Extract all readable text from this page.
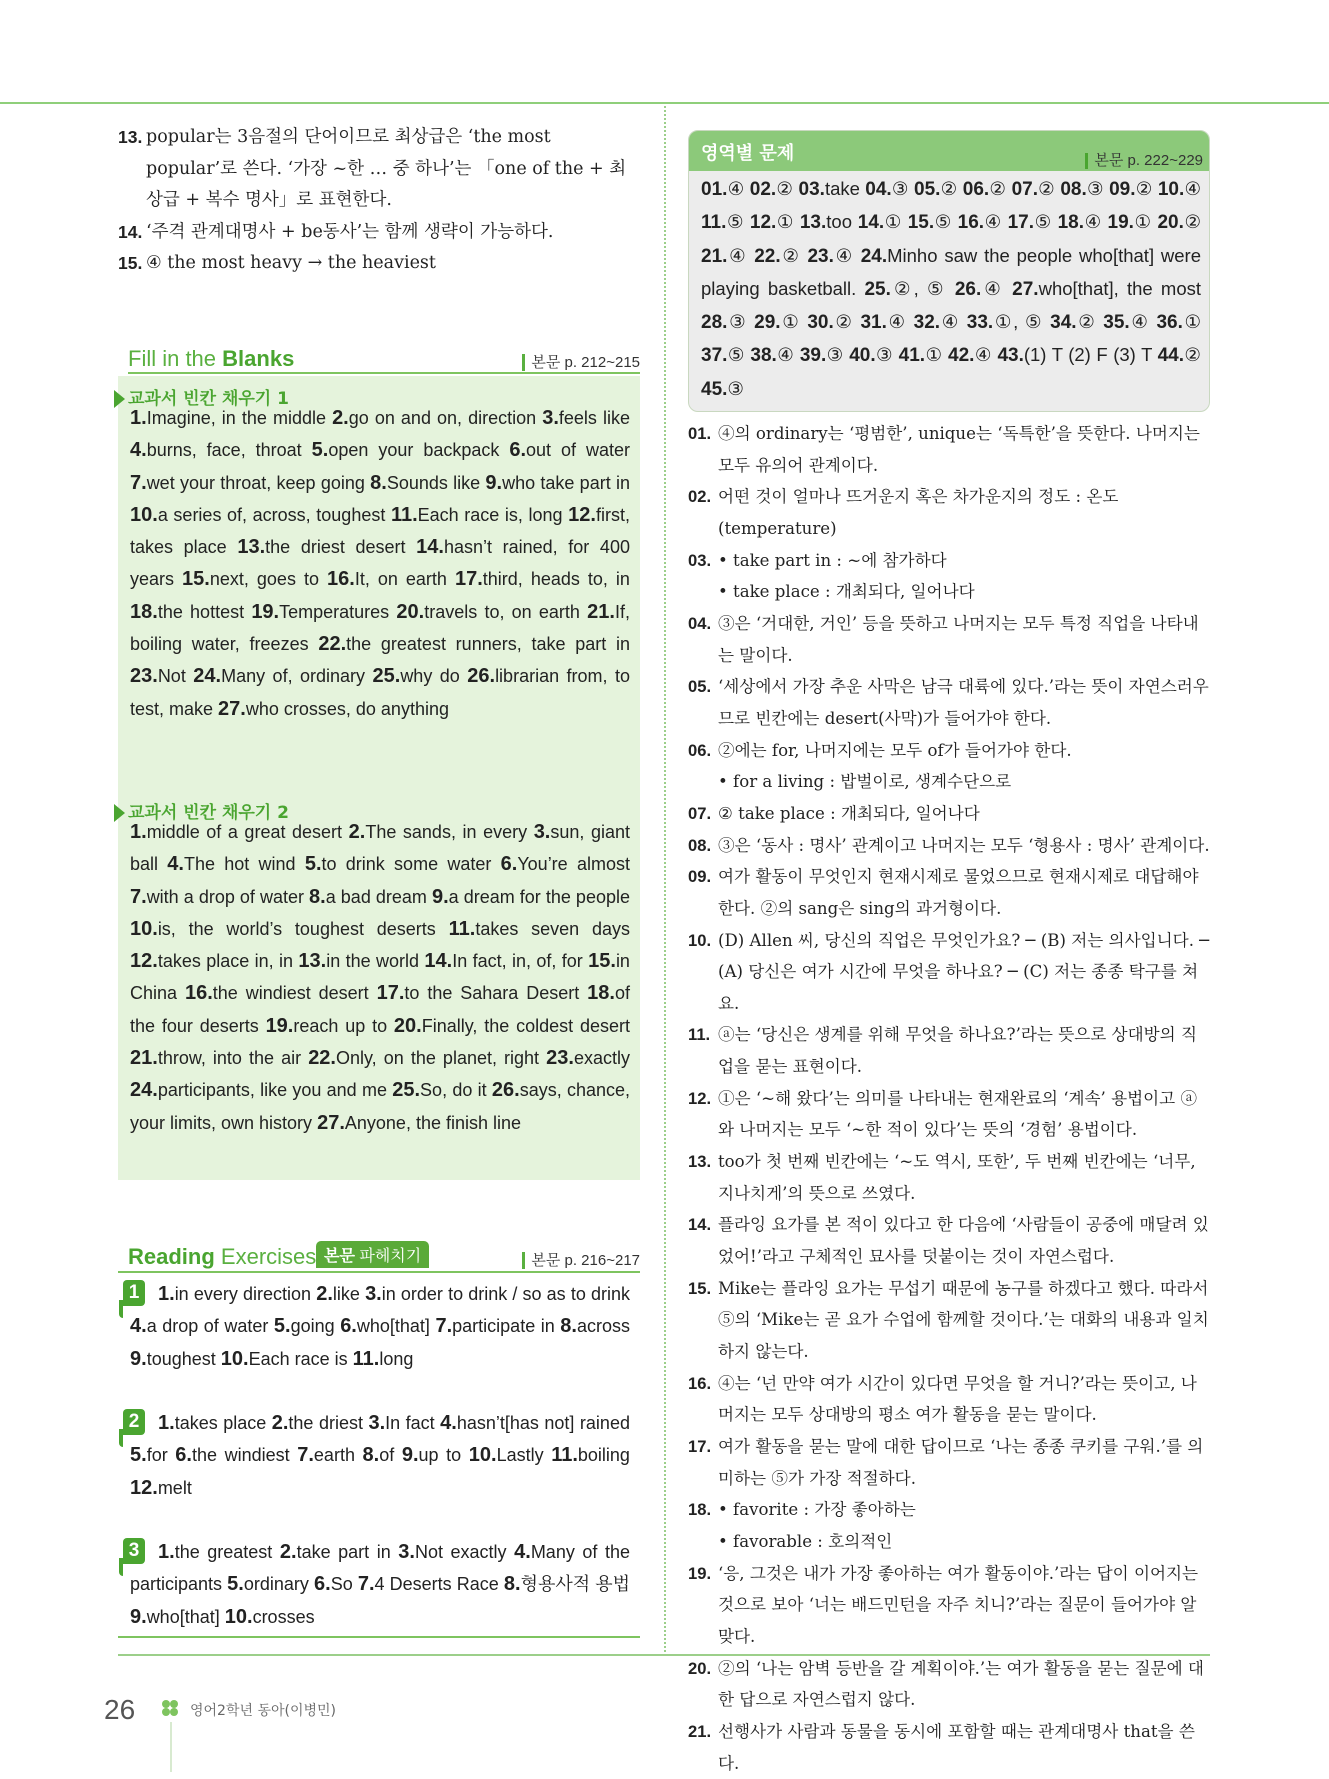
13. popular는 3음절의 단어이므로 최상급은 ‘the most popular’로 쓴다. ‘가장 ~한 … 중 하나’는 「one of the + 최상급 + 복수 명사」로 표현한다.
14. ‘주격 관계대명사 + be동사’는 함께 생략이 가능하다.
15. ④ the most heavy → the heaviest
Fill in the Blanks	본문 p. 212~215
교과서 빈칸 채우기 1
1.Imagine, in the middle 2.go on and on, direction 3.feels like 4.burns, face, throat 5.open your backpack 6.out of water 7.wet your throat, keep going 8.Sounds like 9.who take part in 10.a series of, across, toughest 11.Each race is, long 12.first, takes place 13.the driest desert 14.hasn’t rained, for 400 years 15.next, goes to 16.It, on earth 17.third, heads to, in 18.the hottest 19.Temperatures 20.travels to, on earth 21.If, boiling water, freezes 22.the greatest runners, take part in 23.Not 24.Many of, ordinary 25.why do 26.librarian from, to test, make 27.who crosses, do anything
교과서 빈칸 채우기 2
1.middle of a great desert 2.The sands, in every 3.sun, giant ball 4.The hot wind 5.to drink some water 6.You’re almost 7.with a drop of water 8.a bad dream 9.a dream for the people 10.is, the world’s toughest deserts 11.takes seven days 12.takes place in, in 13.in the world 14.In fact, in, of, for 15.in China 16.the windiest desert 17.to the Sahara Desert 18.of the four deserts 19.reach up to 20.Finally, the coldest desert 21.throw, into the air 22.Only, on the planet, right 23.exactly 24.participants, like you and me 25.So, do it 26.says, chance, your limits, own history 27.Anyone, the finish line
Reading Exercises 본문 파헤치기	본문 p. 216~217
1 1.in every direction 2.like 3.in order to drink / so as to drink 4.a drop of water 5.going 6.who[that] 7.participate in 8.across 9.toughest 10.Each race is 11.long
2 1.takes place 2.the driest 3.In fact 4.hasn’t[has not] rained 5.for 6.the windiest 7.earth 8.of 9.up to 10.Lastly 11.boiling 12.melt
3 1.the greatest 2.take part in 3.Not exactly 4.Many of the participants 5.ordinary 6.So 7.4 Deserts Race 8.형용사적 용법 9.who[that] 10.crosses
영역별 문제	본문 p. 222~229
01.④ 02.② 03.take 04.③ 05.② 06.② 07.② 08.③ 09.② 10.④ 11.⑤ 12.① 13.too 14.① 15.⑤ 16.④ 17.⑤ 18.④ 19.① 20.② 21.④ 22.② 23.④ 24.Minho saw the people who[that] were playing basketball. 25.②, ⑤ 26.④ 27.who[that], the most 28.③ 29.① 30.② 31.④ 32.④ 33.①, ⑤ 34.② 35.④ 36.① 37.⑤ 38.④ 39.③ 40.③ 41.① 42.④ 43.(1) T (2) F (3) T 44.② 45.③
01. ④의 ordinary는 ‘평범한’, unique는 ‘독특한’을 뜻한다. 나머지는 모두 유의어 관계이다.
02. 어떤 것이 얼마나 뜨거운지 혹은 차가운지의 정도 : 온도(temperature)
03. • take part in : ~에 참가하다
• take place : 개최되다, 일어나다
04. ③은 ‘거대한, 거인’ 등을 뜻하고 나머지는 모두 특정 직업을 나타내는 말이다.
05. ‘세상에서 가장 추운 사막은 남극 대륙에 있다.’라는 뜻이 자연스러우므로 빈칸에는 desert(사막)가 들어가야 한다.
06. ②에는 for, 나머지에는 모두 of가 들어가야 한다.
• for a living : 밥벌이로, 생계수단으로
07. ② take place : 개최되다, 일어나다
08. ③은 ‘동사 : 명사’ 관계이고 나머지는 모두 ‘형용사 : 명사’ 관계이다.
09. 여가 활동이 무엇인지 현재시제로 물었으므로 현재시제로 대답해야 한다. ②의 sang은 sing의 과거형이다.
10. (D) Allen 씨, 당신의 직업은 무엇인가요? ─ (B) 저는 의사입니다. ─ (A) 당신은 여가 시간에 무엇을 하나요? ─ (C) 저는 종종 탁구를 쳐요.
11. ⓐ는 ‘당신은 생계를 위해 무엇을 하나요?’라는 뜻으로 상대방의 직업을 묻는 표현이다.
12. ①은 ‘~해 왔다’는 의미를 나타내는 현재완료의 ‘계속’ 용법이고 ⓐ와 나머지는 모두 ‘~한 적이 있다’는 뜻의 ‘경험’ 용법이다.
13. too가 첫 번째 빈칸에는 ‘~도 역시, 또한’, 두 번째 빈칸에는 ‘너무, 지나치게’의 뜻으로 쓰였다.
14. 플라잉 요가를 본 적이 있다고 한 다음에 ‘사람들이 공중에 매달려 있었어!’라고 구체적인 묘사를 덧붙이는 것이 자연스럽다.
15. Mike는 플라잉 요가는 무섭기 때문에 농구를 하겠다고 했다. 따라서 ⑤의 ‘Mike는 곧 요가 수업에 함께할 것이다.’는 대화의 내용과 일치하지 않는다.
16. ④는 ‘넌 만약 여가 시간이 있다면 무엇을 할 거니?’라는 뜻이고, 나머지는 모두 상대방의 평소 여가 활동을 묻는 말이다.
17. 여가 활동을 묻는 말에 대한 답이므로 ‘나는 종종 쿠키를 구워.’를 의미하는 ⑤가 가장 적절하다.
18. • favorite : 가장 좋아하는
• favorable : 호의적인
19. ‘응, 그것은 내가 가장 좋아하는 여가 활동이야.’라는 답이 이어지는 것으로 보아 ‘너는 배드민턴을 자주 치니?’라는 질문이 들어가야 알맞다.
20. ②의 ‘나는 암벽 등반을 갈 계획이야.’는 여가 활동을 묻는 질문에 대한 답으로 자연스럽지 않다.
21. 선행사가 사람과 동물을 동시에 포함할 때는 관계대명사 that을 쓴다.
26	영어2학년 동아(이병민)
